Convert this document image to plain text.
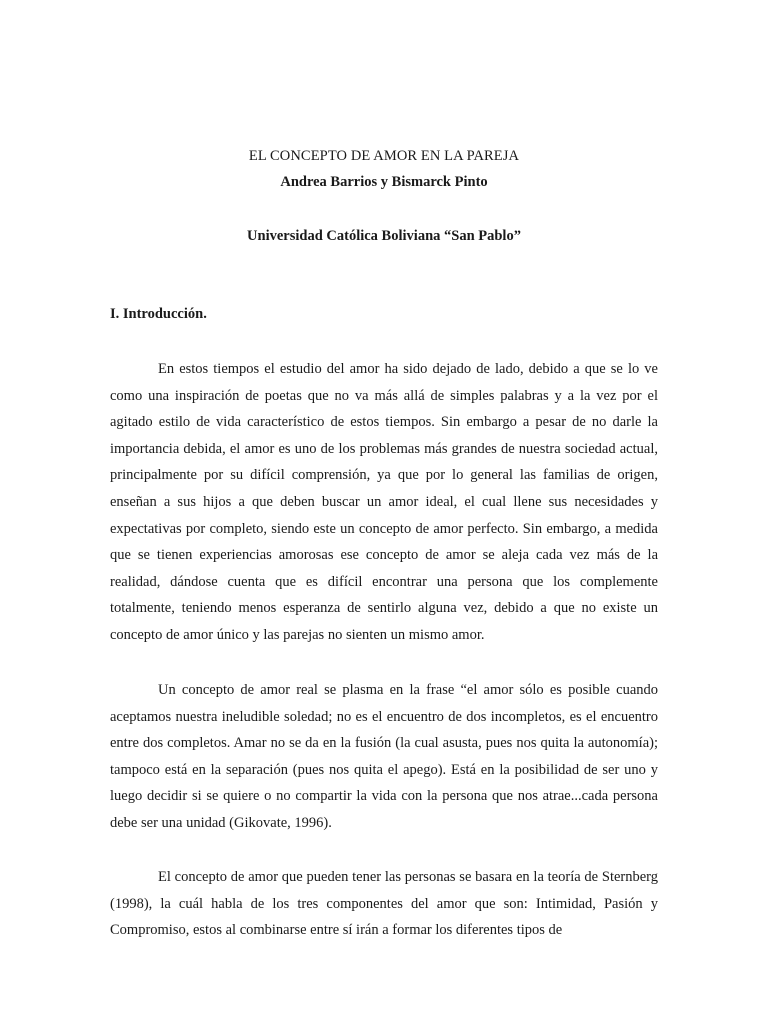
EL CONCEPTO DE AMOR EN LA PAREJA
Andrea Barrios y Bismarck Pinto
Universidad Católica Boliviana “San Pablo”
I. Introducción.

En estos tiempos el estudio del amor ha sido dejado de lado, debido a que se lo ve como una inspiración de poetas que no va más allá de simples palabras y a la vez por el agitado estilo de vida característico de estos tiempos. Sin embargo a pesar de no darle la importancia debida, el amor es uno de los problemas más grandes de nuestra sociedad actual, principalmente por su difícil comprensión, ya que por lo general las familias de origen, enseñan a sus hijos a que deben buscar un amor ideal, el cual llene sus necesidades y expectativas por completo, siendo este un concepto de amor perfecto. Sin embargo, a medida que se tienen experiencias amorosas ese concepto de amor se aleja cada vez más de la realidad, dándose cuenta que es difícil encontrar una persona que los complemente totalmente, teniendo menos esperanza de sentirlo alguna vez, debido a que no existe un concepto de amor único y las parejas no sienten un mismo amor.

Un concepto de amor real se plasma en la frase “el amor sólo es posible cuando aceptamos nuestra ineludible soledad; no es el encuentro de dos incompletos, es el encuentro entre dos completos. Amar no se da en la fusión (la cual asusta, pues nos quita la autonomía); tampoco está en la separación (pues nos quita el apego). Está en la posibilidad de ser uno y luego decidir si se quiere o no compartir la vida con la persona que nos atrae...cada persona debe ser una unidad (Gikovate, 1996).

El concepto de amor que pueden tener las personas se basara en la teoría de Sternberg (1998), la cuál habla de los tres componentes del amor que son: Intimidad, Pasión y Compromiso, estos al combinarse entre sí irán a formar los diferentes tipos de
